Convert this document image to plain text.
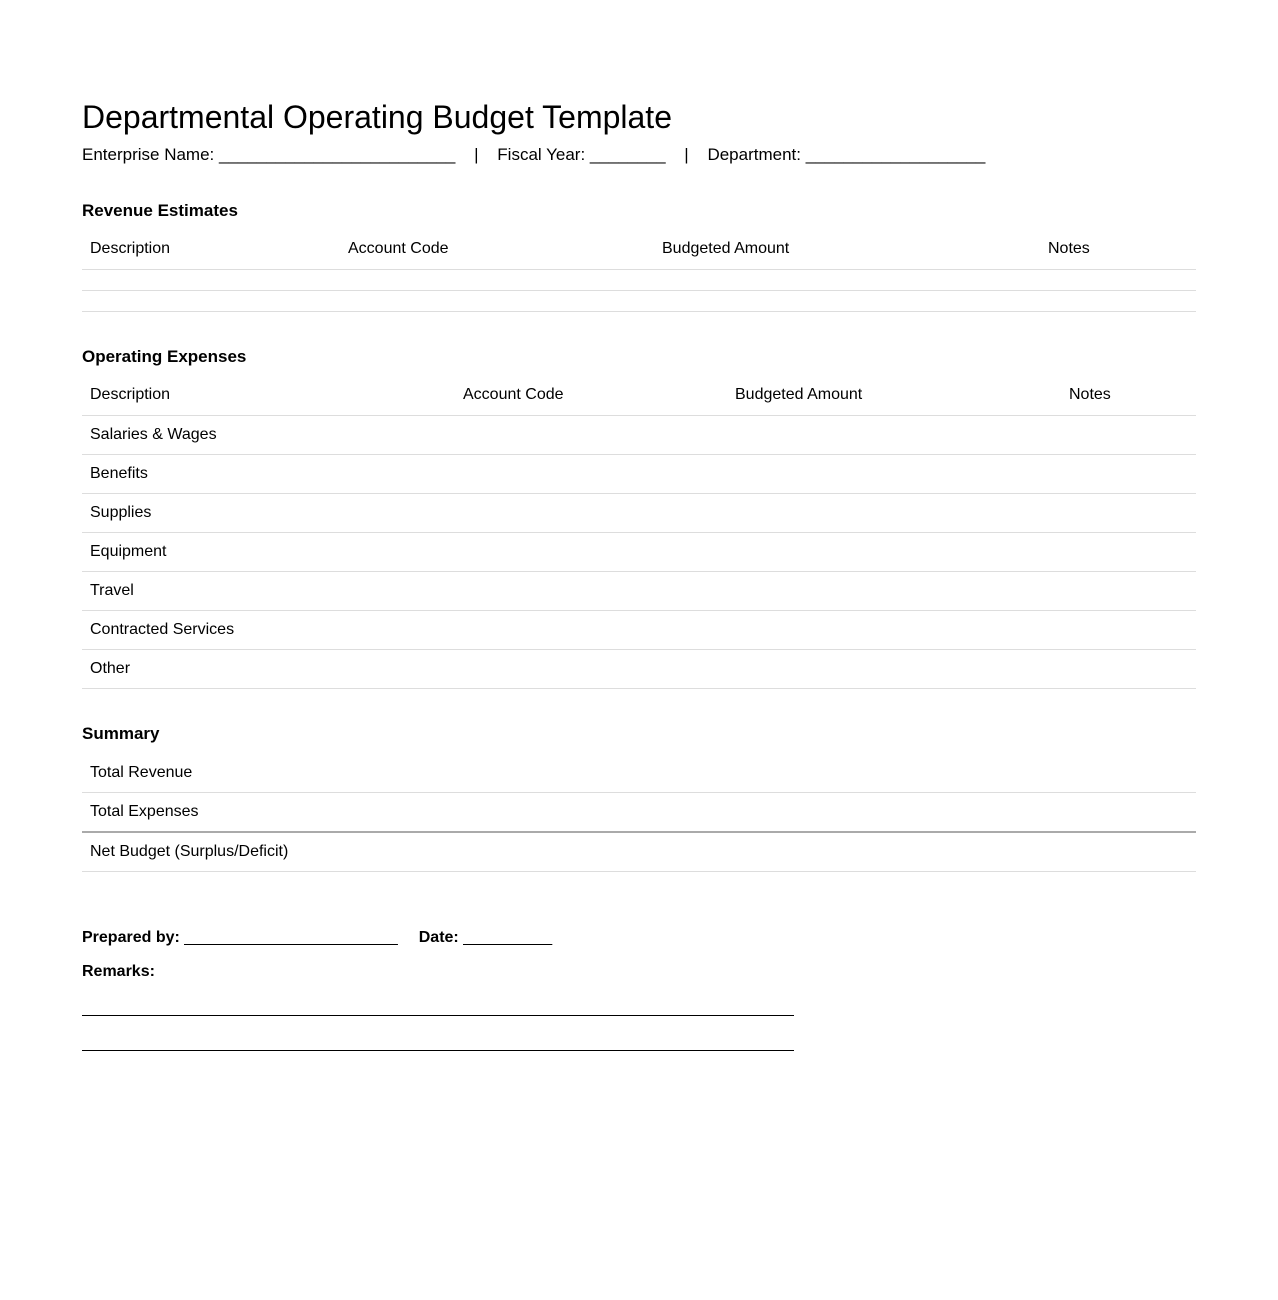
Departmental Operating Budget Template
Enterprise Name: _________________________ | Fiscal Year: ________ | Department: ___________________
Revenue Estimates
Description	Account Code	Budgeted Amount	Notes

Operating Expenses
Description	Account Code	Budgeted Amount	Notes
Salaries & Wages			
Benefits			
Supplies			
Equipment			
Travel			
Contracted Services			
Other			
Summary
Total Revenue	
Total Expenses	
Net Budget (Surplus/Deficit)	
Prepared by: ________________________ Date: __________
Remarks:
